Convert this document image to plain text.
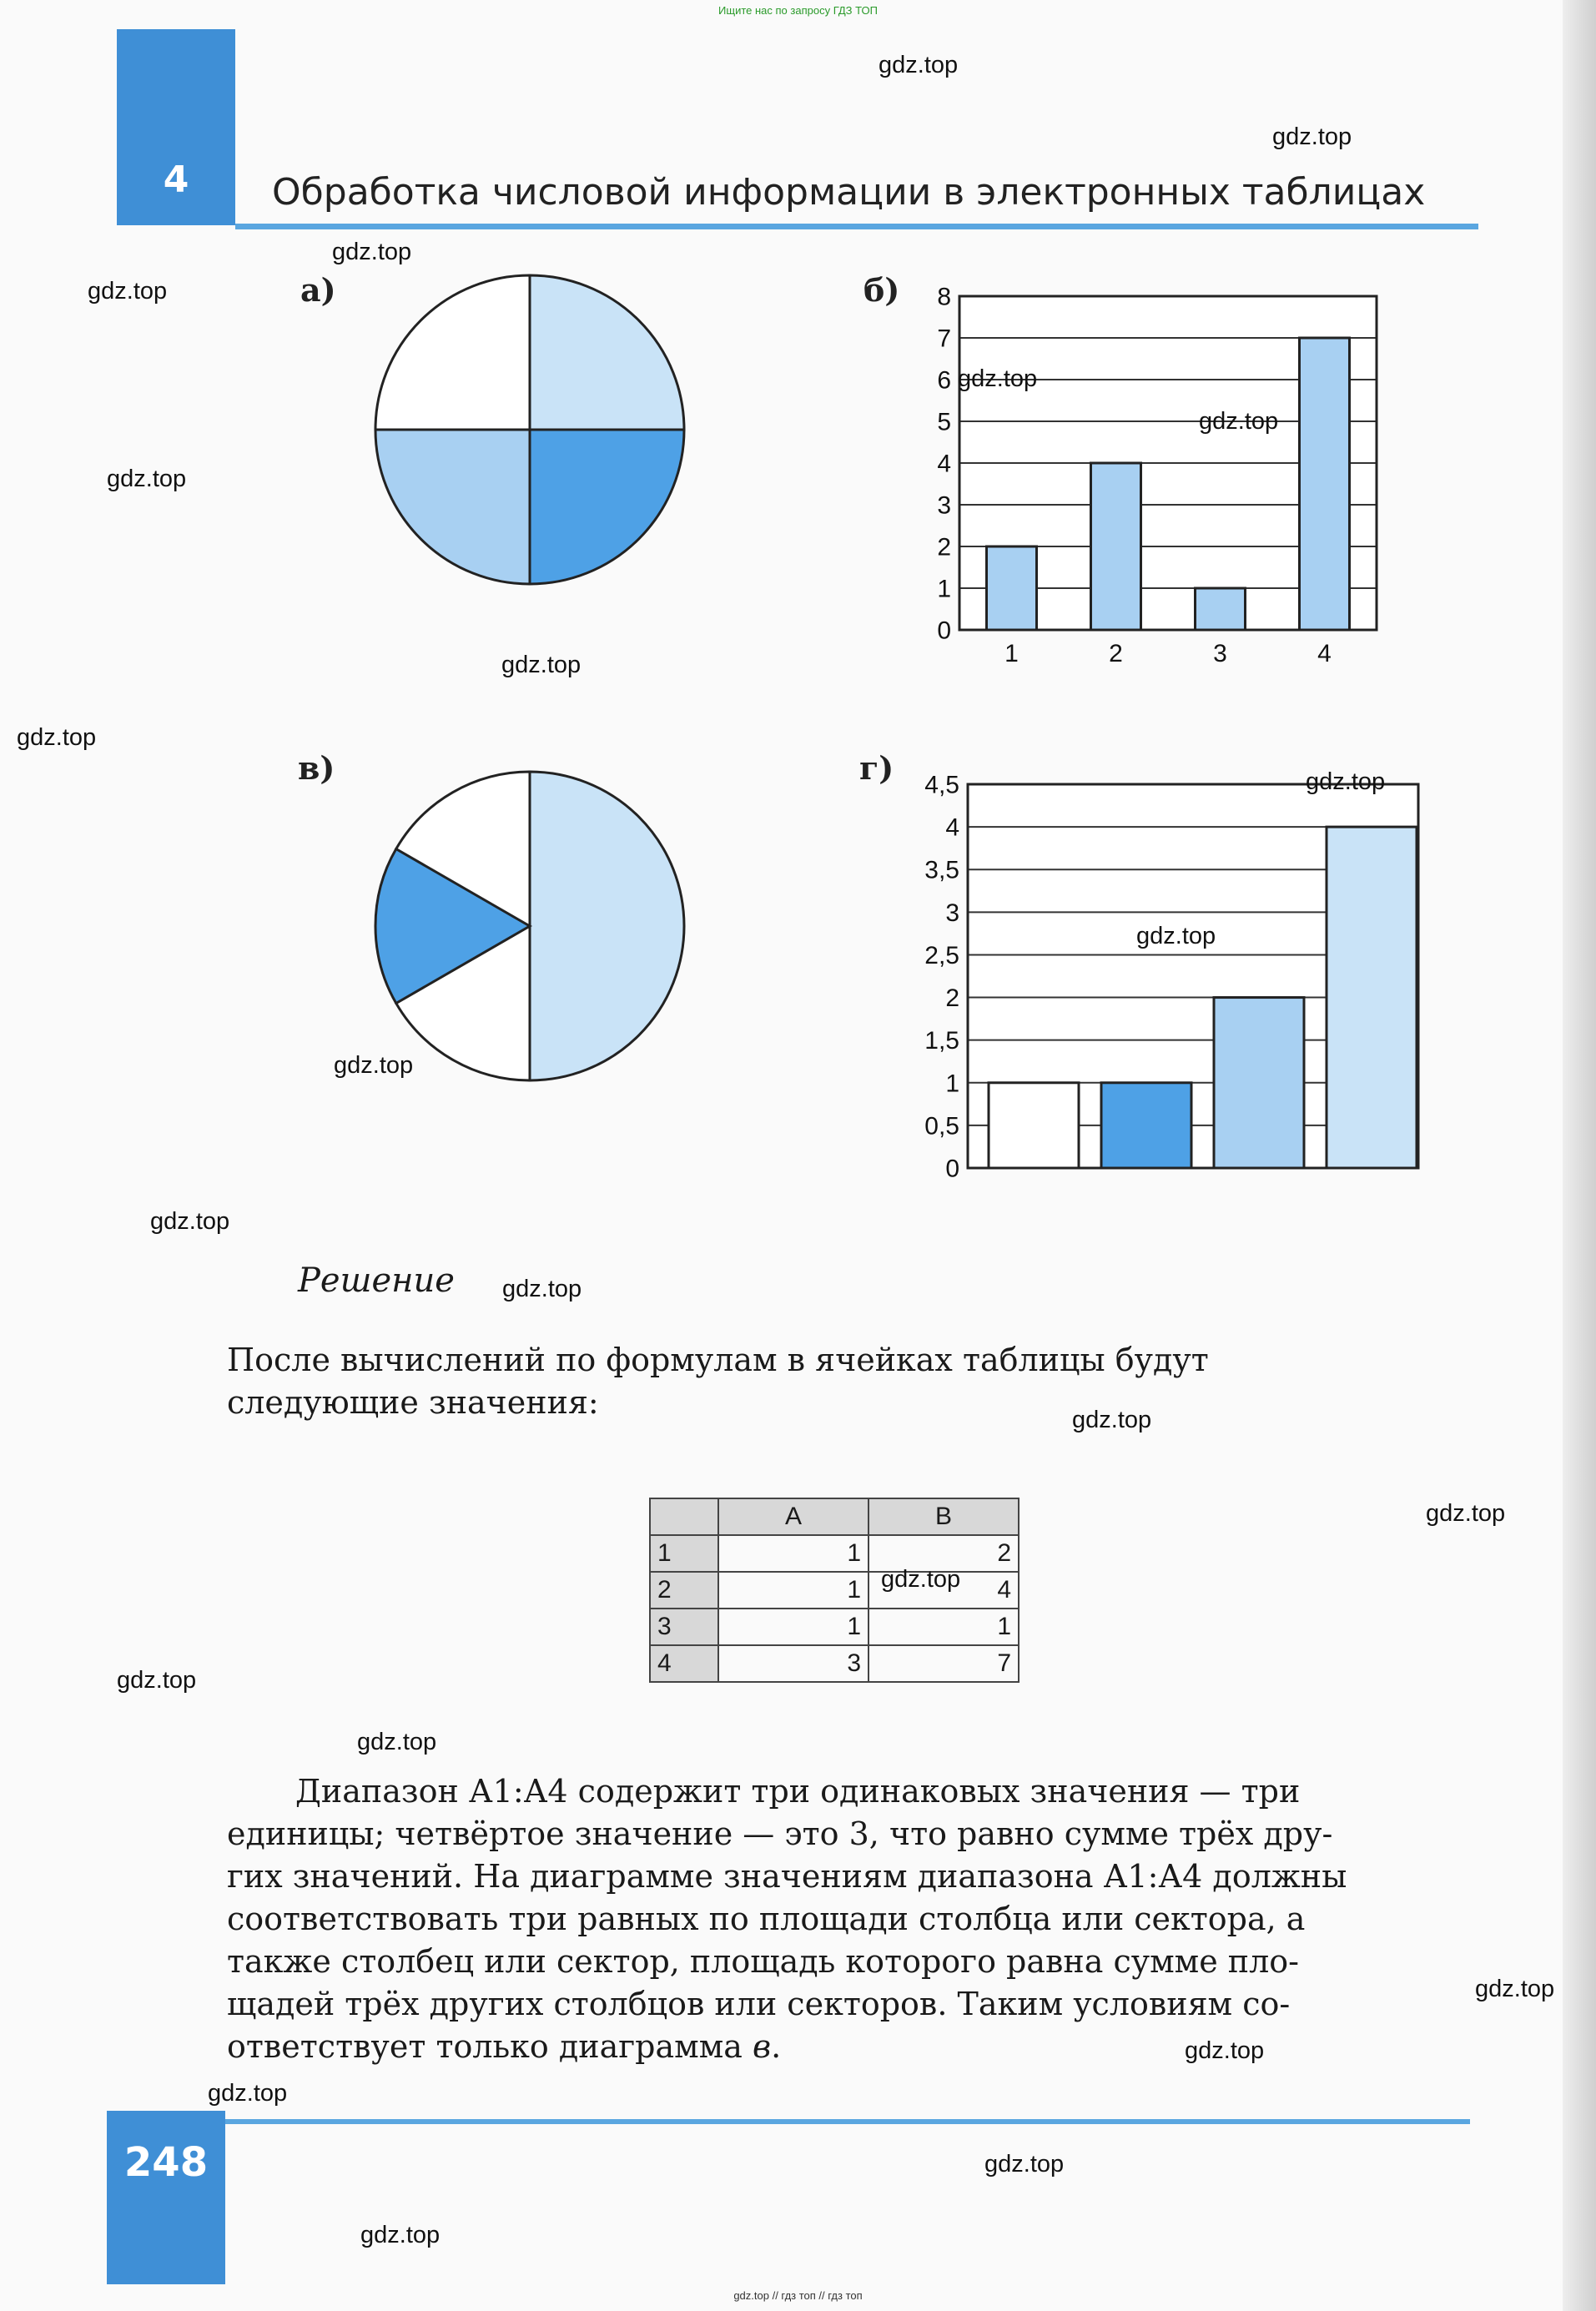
Ищите нас по запросу ГДЗ ТОП
4	Обработка числовой информации в электронных таблицах
а)	б)
в)	г)
0
1
2
3
4
5
6
7
8
1	2	3	4
0
0,5
1
1,5
2
2,5
3
3,5
4
4,5
Решение
После вычислений по формулам в ячейках таблицы будут
следующие значения:
	A	B
1	1	2
2	1	4
3	1	1
4	3	7
Диапазон А1:А4 содержит три одинаковых значения — три
единицы; четвёртое значение — это 3, что равно сумме трёх дру-
гих значений. На диаграмме значениям диапазона А1:А4 должны
соответствовать три равных по площади столбца или сектора, а
также столбец или сектор, площадь которого равна сумме пло-
щадей трёх других столбцов или секторов. Таким условиям со-
ответствует только диаграмма в.
248
gdz.top // гдз топ // гдз топ
gdz.top
gdz.top
gdz.top
gdz.top
gdz.top
gdz.top
gdz.top
gdz.top
gdz.top
gdz.top
gdz.top
gdz.top
gdz.top
gdz.top
gdz.top
gdz.top
gdz.top
gdz.top
gdz.top
gdz.top
gdz.top
gdz.top
gdz.top
gdz.top
